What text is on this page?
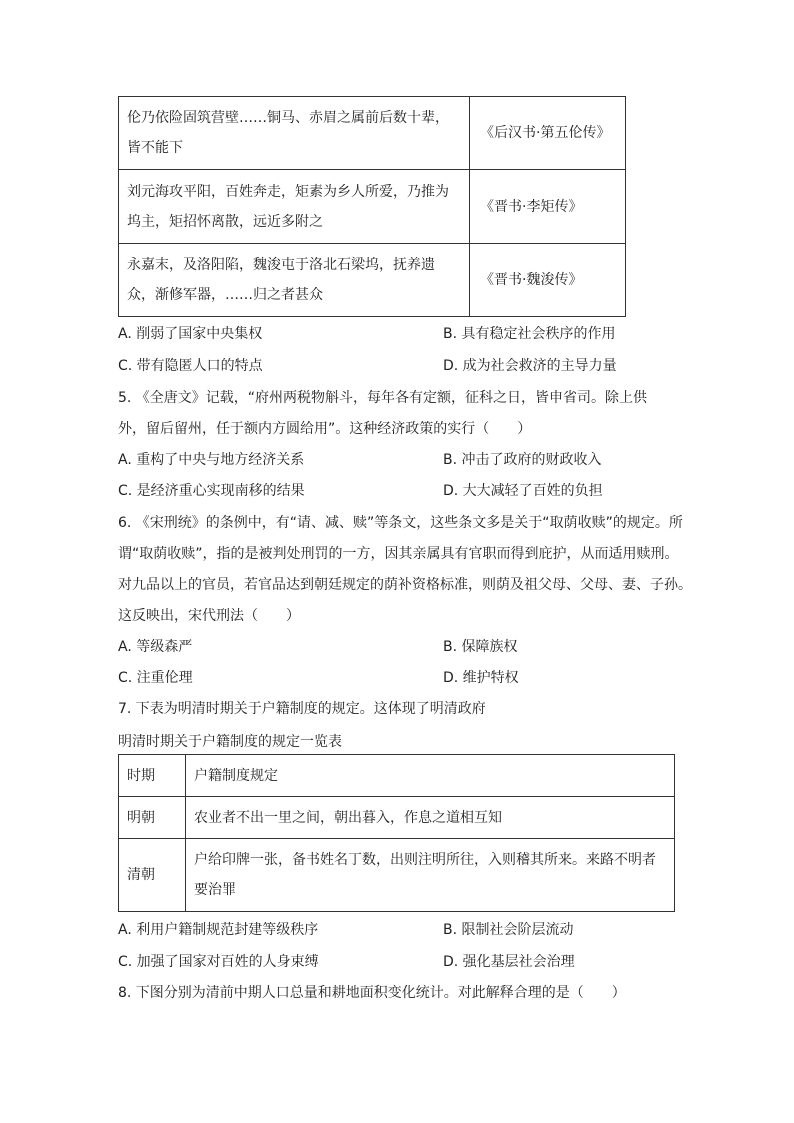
伦乃依险固筑营壁……铜马、赤眉之属前后数十辈，
皆不能下	《后汉书·第五伦传》

刘元海攻平阳，百姓奔走，矩素为乡人所爱，乃推为
坞主，矩招怀离散，远近多附之	《晋书·李矩传》

永嘉末，及洛阳陷，魏浚屯于洛北石梁坞，抚养遗
众，渐修军器，……归之者甚众	《晋书·魏浚传》
A. 削弱了国家中央集权	B. 具有稳定社会秩序的作用
C. 带有隐匿人口的特点	D. 成为社会救济的主导力量
5. 《全唐文》记载，“府州两税物斛斗，每年各有定额，征科之日，皆申省司。除上供
外，留后留州，任于额内方圆给用”。这种经济政策的实行（　　）
A. 重构了中央与地方经济关系	B. 冲击了政府的财政收入
C. 是经济重心实现南移的结果	D. 大大减轻了百姓的负担
6. 《宋刑统》的条例中，有“请、减、赎”等条文，这些条文多是关于“取荫收赎”的规定。所
谓“取荫收赎”，指的是被判处刑罚的一方，因其亲属具有官职而得到庇护，从而适用赎刑。
对九品以上的官员，若官品达到朝廷规定的荫补资格标准，则荫及祖父母、父母、妻、子孙。
这反映出，宋代刑法（　　）
A. 等级森严	B. 保障族权
C. 注重伦理	D. 维护特权
7. 下表为明清时期关于户籍制度的规定。这体现了明清政府
明清时期关于户籍制度的规定一览表
时期	户籍制度规定
明朝	农业者不出一里之间，朝出暮入，作息之道相互知
清朝	户给印牌一张，备书姓名丁数，出则注明所往，入则稽其所来。来路不明者
要治罪
A. 利用户籍制规范封建等级秩序	B. 限制社会阶层流动
C. 加强了国家对百姓的人身束缚	D. 强化基层社会治理
8. 下图分别为清前中期人口总量和耕地面积变化统计。对此解释合理的是（　　）
